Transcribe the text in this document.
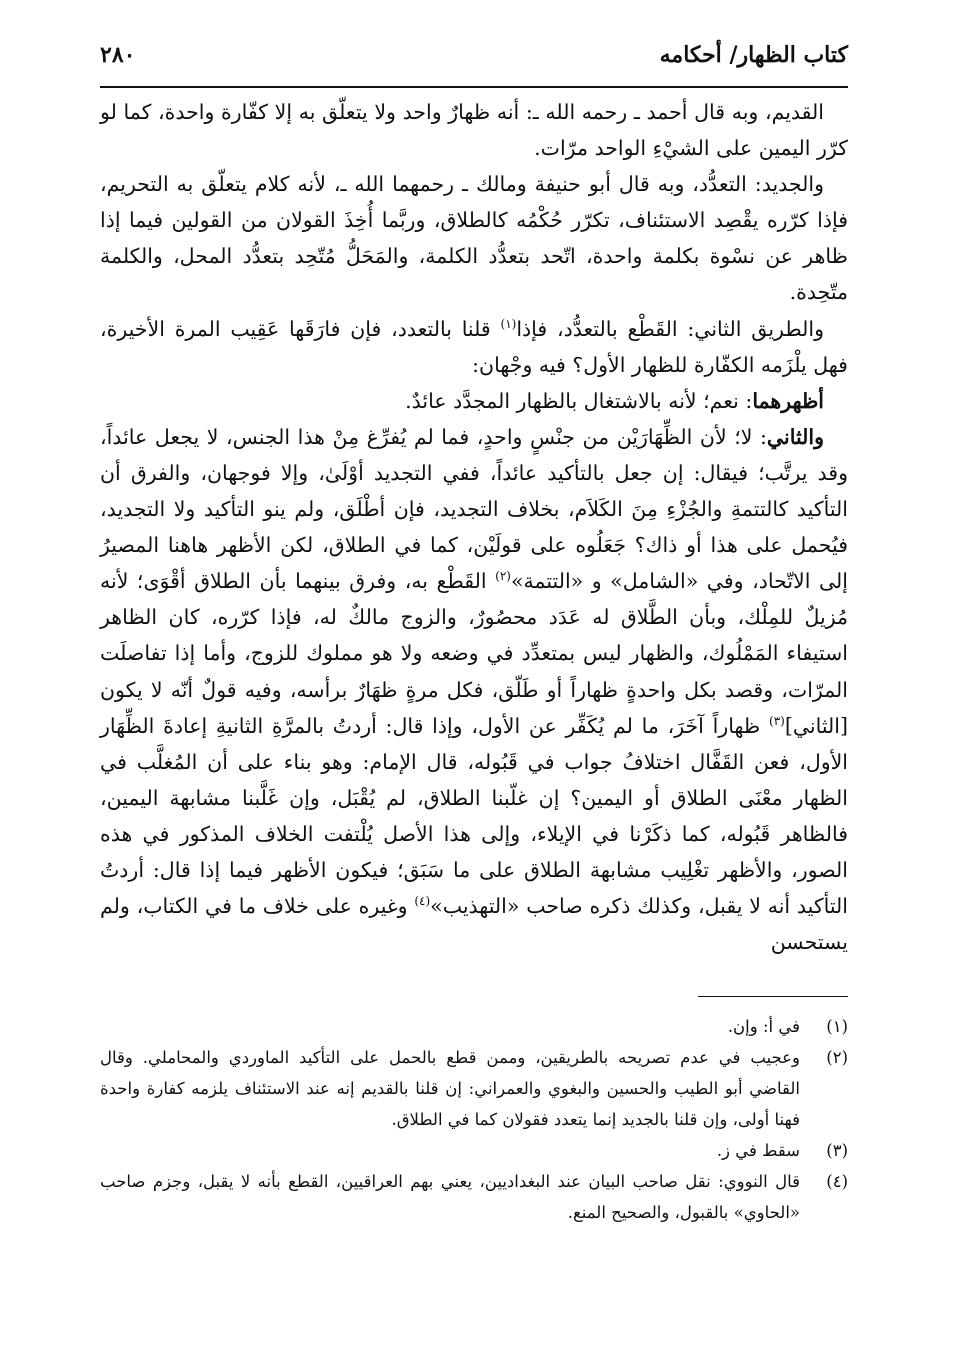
كتاب الظهار/ أحكامه
٢٨٠

القديم، وبه قال أحمد ـ رحمه الله ـ: أنه ظهارٌ واحد ولا يتعلّق به إلا كفّارة واحدة، كما لو كرّر اليمين على الشيْءِ الواحد مرّات.

والجديد: التعدُّد، وبه قال أبو حنيفة ومالك ـ رحمهما الله ـ، لأنه كلام يتعلّق به التحريم، فإذا كرّره يقْصِد الاستئناف، تكرّر حُكْمُه كالطلاق، وربَّما أُخِذَ القولان من القولين فيما إذا ظاهر عن نسْوة بكلمة واحدة، اتّحد بتعدُّد الكلمة، والمَحَلُّ مُتّحِد بتعدُّد المحل، والكلمة متّحِدة.

والطريق الثاني: القَطْع بالتعدُّد، فإذا$^{(١)}$ قلنا بالتعدد، فإن فارَقَها عَقِيب المرة الأخيرة، فهل يلْزَمه الكفّارة للظهار الأول؟ فيه وجْهان:

أظهرهما: نعم؛ لأنه بالاشتغال بالظهار المجدَّد عائدٌ.

والثاني: لا؛ لأن الظِّهَارَيْن من جنْسٍ واحدٍ، فما لم يُفرِّغ مِنْ هذا الجنس، لا يجعل عائداً، وقد يرتَّب؛ فيقال: إن جعل بالتأكيد عائداً، ففي التجديد أوْلَىٰ، وإلا فوجهان، والفرق أن التأكيد كالتتمةِ والجُزْءِ مِنَ الكَلاَم، بخلاف التجديد، فإن أطْلَق، ولم ينو التأكيد ولا التجديد، فيُحمل على هذا أو ذاك؟ جَعَلُوه على قولَيْن، كما في الطلاق، لكن الأظهر هاهنا المصيرُ إلى الاتّحاد، وفي «الشامل» و «التتمة»$^{(٢)}$ القَطْع به، وفرق بينهما بأن الطلاق أقْوَى؛ لأنه مُزيلٌ للمِلْك، وبأن الطَّلاق له عَدَد محصُورٌ، والزوج مالكٌ له، فإذا كرّره، كان الظاهر استيفاء المَمْلُوك، والظهار ليس بمتعدِّد في وضعه ولا هو مملوك للزوج، وأما إذا تفاصلَت المرّات، وقصد بكل واحدةٍ ظهاراً أو طَلّق، فكل مرةٍ ظهَارٌ برأسه، وفيه قولٌ أنّه لا يكون [الثاني]$^{(٣)}$ ظهاراً آخَرَ، ما لم يُكَفِّر عن الأول، وإذا قال: أردتُ بالمرَّةِ الثانيةِ إعادةَ الظِّهَار الأول، فعن القَفَّال اختلافُ جواب في قَبُوله، قال الإمام: وهو بناء على أن المُغلَّب في الظهار معْنَى الطلاق أو اليمين؟ إن غلّبنا الطلاق، لم يُقْبَل، وإن غَلَّبنا مشابهة اليمين، فالظاهر قَبُوله، كما ذكَرْنا في الإيلاء، وإلى هذا الأصل يُلْتفت الخلاف المذكور في هذه الصور، والأظهر تغْلِيب مشابهة الطلاق على ما سَبَق؛ فيكون الأظهر فيما إذا قال: أردتُ التأكيد أنه لا يقبل، وكذلك ذكره صاحب «التهذيب»$^{(٤)}$ وغيره على خلاف ما في الكتاب، ولم يستحسن

(١)
في أ: وإن.
(٢)
وعجيب في عدم تصريحه بالطريقين، وممن قطع بالحمل على التأكيد الماوردي والمحاملي. وقال القاضي أبو الطيب والحسين والبغوي والعمراني: إن قلنا بالقديم إنه عند الاستئناف يلزمه كفارة واحدة فهنا أولى، وإن قلنا بالجديد إنما يتعدد فقولان كما في الطلاق.
(٣)
سقط في ز.
(٤)
قال النووي: نقل صاحب البيان عند البغداديين، يعني بهم العراقيين، القطع بأنه لا يقبل، وجزم صاحب «الحاوي» بالقبول، والصحيح المنع.
